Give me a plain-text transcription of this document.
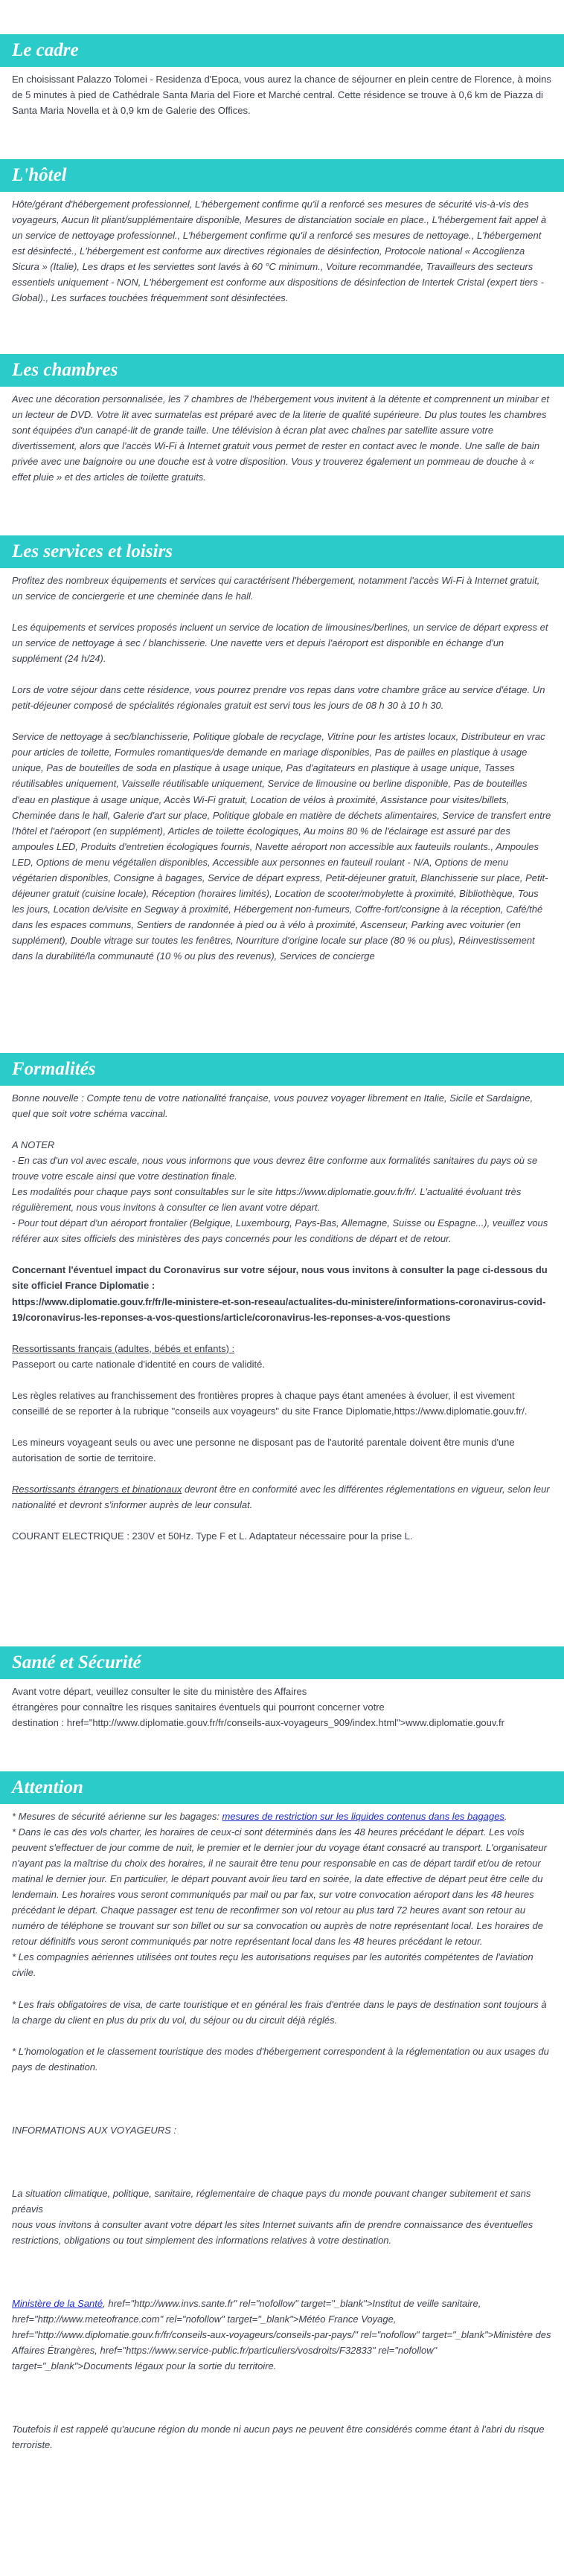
Le cadre

En choisissant Palazzo Tolomei - Residenza d'Epoca, vous aurez la chance de séjourner en plein centre de Florence, à moins de 5 minutes à pied de Cathédrale Santa Maria del Fiore et Marché central. Cette résidence se trouve à 0,6 km de Piazza di Santa Maria Novella et à 0,9 km de Galerie des Offices.

L'hôtel

Hôte/gérant d'hébergement professionnel, L'hébergement confirme qu'il a renforcé ses mesures de sécurité vis-à-vis des voyageurs, Aucun lit pliant/supplémentaire disponible, Mesures de distanciation sociale en place., L'hébergement fait appel à un service de nettoyage professionnel., L'hébergement confirme qu'il a renforcé ses mesures de nettoyage., L'hébergement est désinfecté., L'hébergement est conforme aux directives régionales de désinfection, Protocole national « Accoglienza Sicura » (Italie), Les draps et les serviettes sont lavés à 60 °C minimum., Voiture recommandée, Travailleurs des secteurs essentiels uniquement - NON, L'hébergement est conforme aux dispositions de désinfection de Intertek Cristal (expert tiers - Global)., Les surfaces touchées fréquemment sont désinfectées.

Les chambres

Avec une décoration personnalisée, les 7 chambres de l'hébergement vous invitent à la détente et comprennent un minibar et un lecteur de DVD. Votre lit avec surmatelas est préparé avec de la literie de qualité supérieure. Du plus toutes les chambres sont équipées d'un canapé-lit de grande taille. Une télévision à écran plat avec chaînes par satellite assure votre divertissement, alors que l'accès Wi-Fi à Internet gratuit vous permet de rester en contact avec le monde. Une salle de bain privée avec une baignoire ou une douche est à votre disposition. Vous y trouverez également un pommeau de douche à « effet pluie » et des articles de toilette gratuits.

Les services et loisirs

Profitez des nombreux équipements et services qui caractérisent l'hébergement, notamment l'accès Wi-Fi à Internet gratuit, un service de conciergerie et une cheminée dans le hall.

Les équipements et services proposés incluent un service de location de limousines/berlines, un service de départ express et un service de nettoyage à sec / blanchisserie. Une navette vers et depuis l'aéroport est disponible en échange d'un supplément (24 h/24).

Lors de votre séjour dans cette résidence, vous pourrez prendre vos repas dans votre chambre grâce au service d'étage. Un petit-déjeuner composé de spécialités régionales gratuit est servi tous les jours de 08 h 30 à 10 h 30.

Service de nettoyage à sec/blanchisserie, Politique globale de recyclage, Vitrine pour les artistes locaux, Distributeur en vrac pour articles de toilette, Formules romantiques/de demande en mariage disponibles, Pas de pailles en plastique à usage unique, Pas de bouteilles de soda en plastique à usage unique, Pas d'agitateurs en plastique à usage unique, Tasses réutilisables uniquement, Vaisselle réutilisable uniquement, Service de limousine ou berline disponible, Pas de bouteilles d'eau en plastique à usage unique, Accès Wi-Fi gratuit, Location de vélos à proximité, Assistance pour visites/billets, Cheminée dans le hall, Galerie d'art sur place, Politique globale en matière de déchets alimentaires, Service de transfert entre l'hôtel et l'aéroport (en supplément), Articles de toilette écologiques, Au moins 80 % de l'éclairage est assuré par des ampoules LED, Produits d'entretien écologiques fournis, Navette aéroport non accessible aux fauteuils roulants., Ampoules LED, Options de menu végétalien disponibles, Accessible aux personnes en fauteuil roulant - N/A, Options de menu végétarien disponibles, Consigne à bagages, Service de départ express, Petit-déjeuner gratuit, Blanchisserie sur place, Petit-déjeuner gratuit (cuisine locale), Réception (horaires limités), Location de scooter/mobylette à proximité, Bibliothèque, Tous les jours, Location de/visite en Segway à proximité, Hébergement non-fumeurs, Coffre-fort/consigne à la réception, Café/thé dans les espaces communs, Sentiers de randonnée à pied ou à vélo à proximité, Ascenseur, Parking avec voiturier (en supplément), Double vitrage sur toutes les fenêtres, Nourriture d'origine locale sur place (80 % ou plus), Réinvestissement dans la durabilité/la communauté (10 % ou plus des revenus), Services de concierge

Formalités

Bonne nouvelle : Compte tenu de votre nationalité française, vous pouvez voyager librement en Italie, Sicile et Sardaigne, quel que soit votre schéma vaccinal.

A NOTER
- En cas d'un vol avec escale, nous vous informons que vous devrez être conforme aux formalités sanitaires du pays où se trouve votre escale ainsi que votre destination finale.
Les modalités pour chaque pays sont consultables sur le site https://www.diplomatie.gouv.fr/fr/. L'actualité évoluant très régulièrement, nous vous invitons à consulter ce lien avant votre départ.
- Pour tout départ d'un aéroport frontalier (Belgique, Luxembourg, Pays-Bas, Allemagne, Suisse ou Espagne...), veuillez vous référer aux sites officiels des ministères des pays concernés pour les conditions de départ et de retour.

Concernant l'éventuel impact du Coronavirus sur votre séjour, nous vous invitons à consulter la page ci-dessous du site officiel France Diplomatie :
https://www.diplomatie.gouv.fr/fr/le-ministere-et-son-reseau/actualites-du-ministere/informations-coronavirus-covid-19/coronavirus-les-reponses-a-vos-questions/article/coronavirus-les-reponses-a-vos-questions

Ressortissants français (adultes, bébés et enfants) :
Passeport ou carte nationale d'identité en cours de validité.

Les règles relatives au franchissement des frontières propres à chaque pays étant amenées à évoluer, il est vivement conseillé de se reporter à la rubrique "conseils aux voyageurs" du site France Diplomatie,https://www.diplomatie.gouv.fr/.

Les mineurs voyageant seuls ou avec une personne ne disposant pas de l'autorité parentale doivent être munis d'une autorisation de sortie de territoire.

Ressortissants étrangers et binationaux devront être en conformité avec les différentes réglementations en vigueur, selon leur nationalité et devront s'informer auprès de leur consulat.

COURANT ELECTRIQUE : 230V et 50Hz. Type F et L. Adaptateur nécessaire pour la prise L.

Santé et Sécurité

Avant votre départ, veuillez consulter le site du ministère des Affaires
étrangères pour connaître les risques sanitaires éventuels qui pourront concerner votre
destination : href="http://www.diplomatie.gouv.fr/fr/conseils-aux-voyageurs_909/index.html">www.diplomatie.gouv.fr

Attention

* Mesures de sécurité aérienne sur les bagages: mesures de restriction sur les liquides contenus dans les bagages.

* Dans le cas des vols charter, les horaires de ceux-ci sont déterminés dans les 48 heures précédant le départ. Les vols peuvent s'effectuer de jour comme de nuit, le premier et le dernier jour du voyage étant consacré au transport. L'organisateur n'ayant pas la maîtrise du choix des horaires, il ne saurait être tenu pour responsable en cas de départ tardif et/ou de retour matinal le dernier jour. En particulier, le départ pouvant avoir lieu tard en soirée, la date effective de départ peut être celle du lendemain. Les horaires vous seront communiqués par mail ou par fax, sur votre convocation aéroport dans les 48 heures précédant le départ. Chaque passager est tenu de reconfirmer son vol retour au plus tard 72 heures avant son retour au numéro de téléphone se trouvant sur son billet ou sur sa convocation ou auprès de notre représentant local. Les horaires de retour définitifs vous seront communiqués par notre représentant local dans les 48 heures précédant le retour.

* Les compagnies aériennes utilisées ont toutes reçu les autorisations requises par les autorités compétentes de l'aviation civile.

* Les frais obligatoires de visa, de carte touristique et en général les frais d'entrée dans le pays de destination sont toujours à la charge du client en plus du prix du vol, du séjour ou du circuit déjà réglés.

* L'homologation et le classement touristique des modes d'hébergement correspondent à la réglementation ou aux usages du pays de destination.

INFORMATIONS AUX VOYAGEURS :

La situation climatique, politique, sanitaire, réglementaire de chaque pays du monde pouvant changer subitement et sans préavis
nous vous invitons à consulter avant votre départ les sites Internet suivants afin de prendre connaissance des éventuelles restrictions, obligations ou tout simplement des informations relatives à votre destination.

Ministère de la Santé, href="http://www.invs.sante.fr" rel="nofollow" target="_blank">Institut de veille sanitaire, href="http://www.meteofrance.com" rel="nofollow" target="_blank">Météo France Voyage, href="http://www.diplomatie.gouv.fr/fr/conseils-aux-voyageurs/conseils-par-pays/" rel="nofollow" target="_blank">Ministère des Affaires Étrangères, href="https://www.service-public.fr/particuliers/vosdroits/F32833" rel="nofollow" target="_blank">Documents légaux pour la sortie du territoire.

Toutefois il est rappelé qu'aucune région du monde ni aucun pays ne peuvent être considérés comme étant à l'abri du risque terroriste.
